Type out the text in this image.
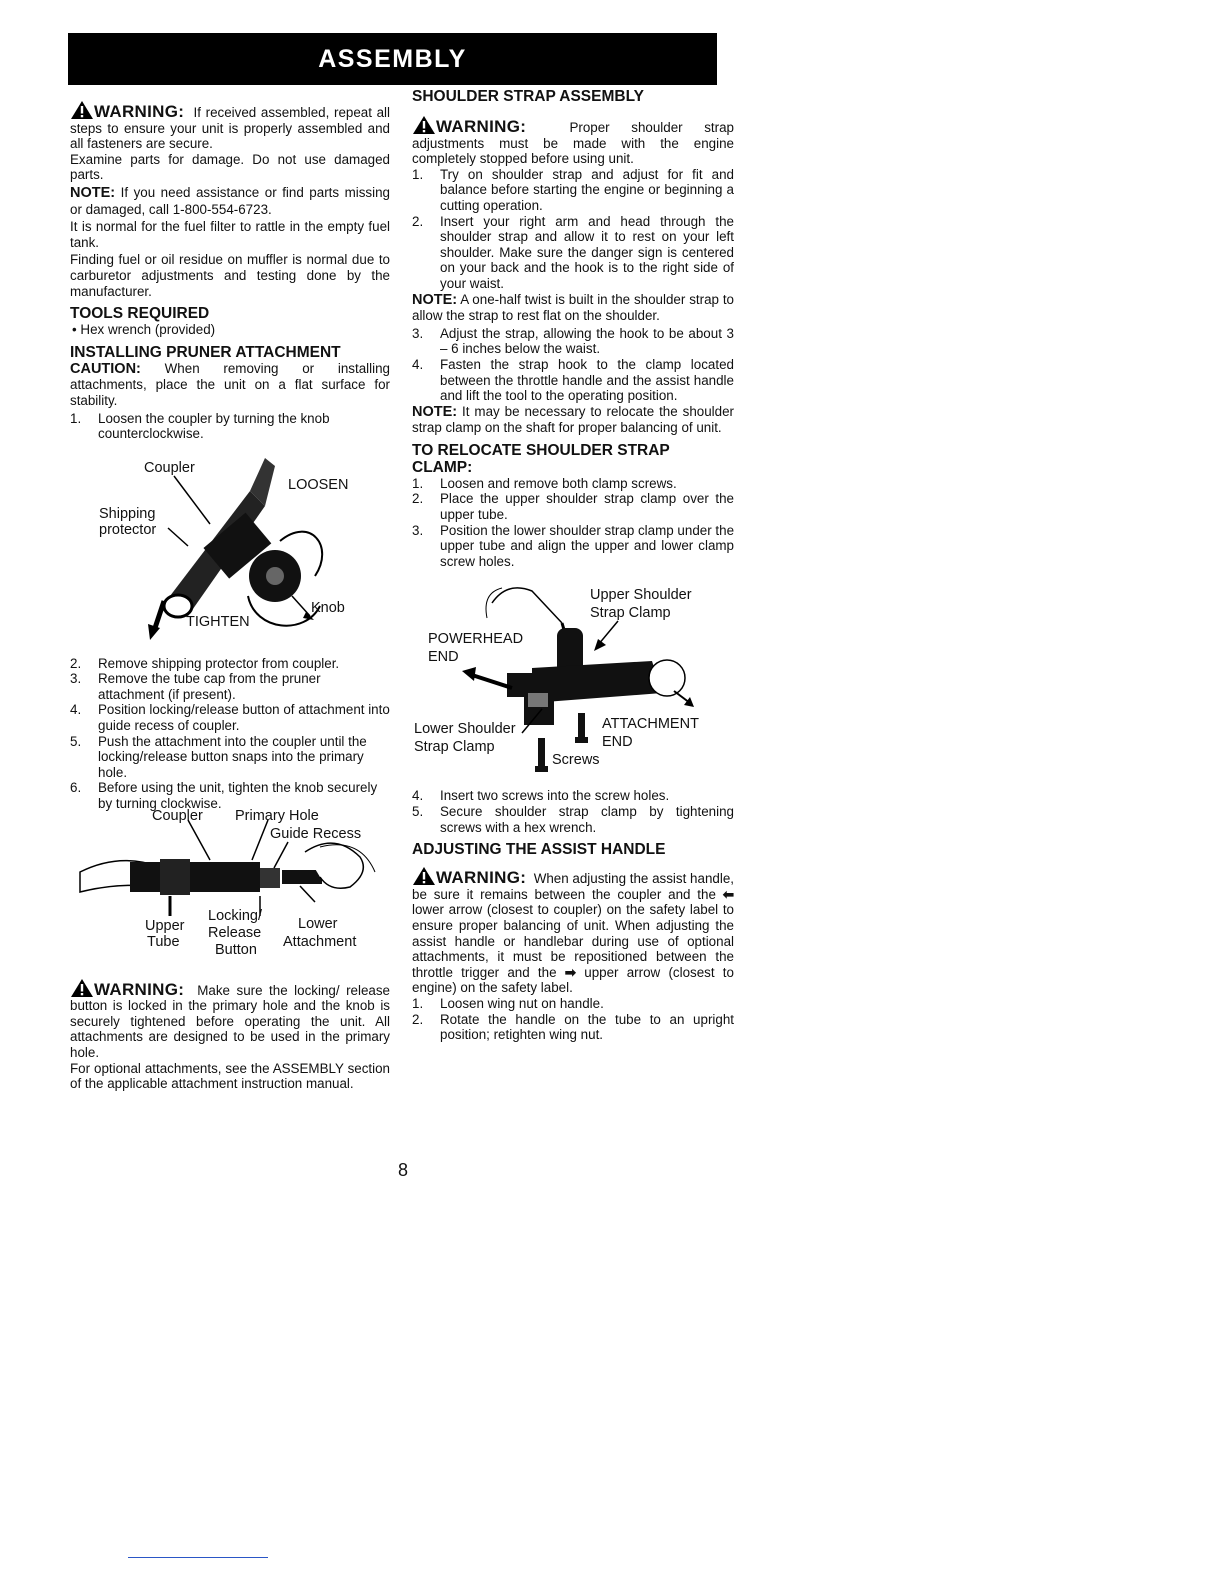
ASSEMBLY
WARNING: If received assembled, repeat all steps to ensure your unit is properly assembled and all fasteners are secure.

Examine parts for damage. Do not use damaged parts.

NOTE: If you need assistance or find parts missing or damaged, call 1-800-554-6723.

It is normal for the fuel filter to rattle in the empty fuel tank.

Finding fuel or oil residue on muffler is normal due to carburetor adjustments and testing done by the manufacturer.

TOOLS REQUIRED

• Hex wrench (provided)

INSTALLING PRUNER ATTACHMENT

CAUTION: When removing or installing attachments, place the unit on a flat surface for stability.

1. Loosen the coupler by turning the knob counterclockwise.
Coupler
LOOSEN
Shipping
protector
Knob
TIGHTEN
2. Remove shipping protector from coupler.
3. Remove the tube cap from the pruner attachment (if present).
4. Position locking/release button of attachment into guide recess of coupler.
5. Push the attachment into the coupler until the locking/release button snaps into the primary hole.
6. Before using the unit, tighten the knob securely by turning clockwise.
Coupler Primary Hole
Guide Recess
Upper
Tube
Locking/
Release
Button
Lower
Attachment
WARNING: Make sure the locking/ release button is locked in the primary hole and the knob is securely tightened before operating the unit. All attachments are designed to be used in the primary hole.

For optional attachments, see the ASSEMBLY section of the applicable attachment instruction manual.

SHOULDER STRAP ASSEMBLY
WARNING:	Proper shoulder strap adjustments must be made with the engine completely stopped before using unit.
1. Try on shoulder strap and adjust for fit and balance before starting the engine or beginning a cutting operation.
2. Insert your right arm and head through the shoulder strap and allow it to rest on your left shoulder. Make sure the danger sign is centered on your back and the hook is to the right side of your waist.

NOTE: A one-half twist is built in the shoulder strap to allow the strap to rest flat on the shoulder.

3. Adjust the strap, allowing the hook to be about 3 – 6 inches below the waist.
4. Fasten the strap hook to the clamp located between the throttle handle and the assist handle and lift the tool to the operating position.

NOTE: It may be necessary to relocate the shoulder strap clamp on the shaft for proper balancing of unit.

TO RELOCATE SHOULDER STRAP CLAMP:
1. Loosen and remove both clamp screws.
2. Place the upper shoulder strap clamp over the upper tube.
3. Position the lower shoulder strap clamp under the upper tube and align the upper and lower clamp screw holes.
Upper Shoulder
Strap Clamp
POWERHEAD
END
Lower Shoulder
Strap Clamp
ATTACHMENT
END
Screws
4. Insert two screws into the screw holes.
5. Secure shoulder strap clamp by tightening screws with a hex wrench.
ADJUSTING THE ASSIST HANDLE
WARNING: When adjusting the assist handle, be sure it remains between the coupler and the ⬅ lower arrow (closest to coupler) on the safety label to ensure proper balancing of unit. When adjusting the assist handle or handlebar during use of optional attachments, it must be repositioned between the throttle trigger and the ➡ upper arrow (closest to engine) on the safety label.
1. Loosen wing nut on handle.
2. Rotate the handle on the tube to an upright position; retighten wing nut.
8
